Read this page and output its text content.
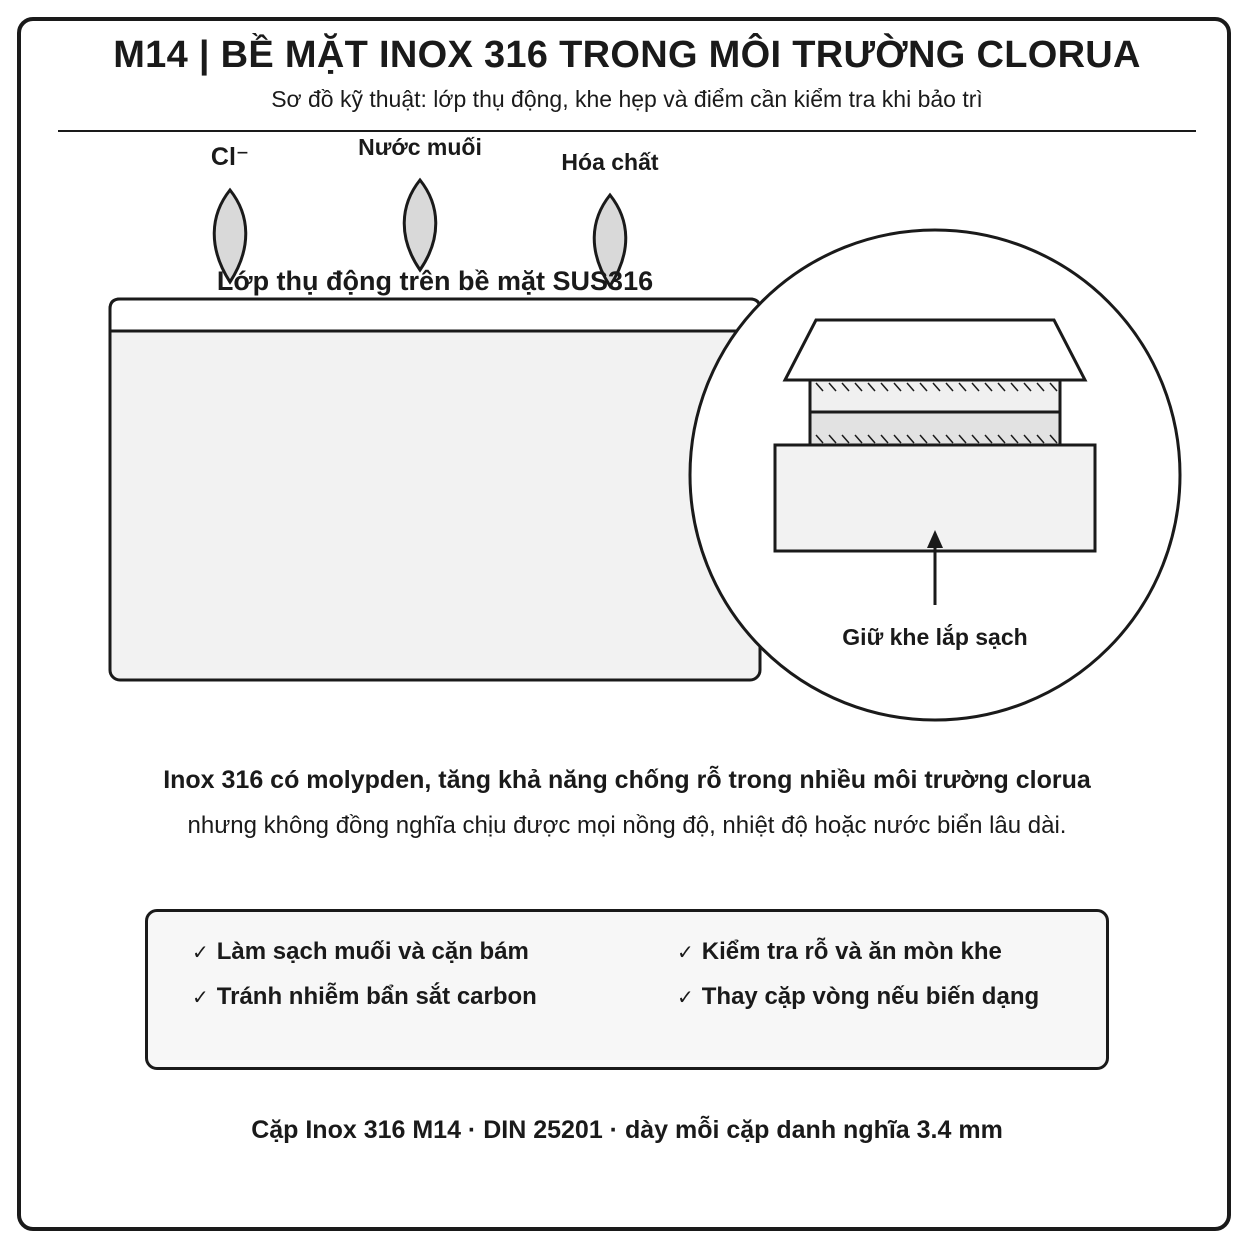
M14 | BỀ MẶT INOX 316 TRONG MÔI TRƯỜNG CLORUA
Sơ đồ kỹ thuật: lớp thụ động, khe hẹp và điểm cần kiểm tra khi bảo trì
Cl⁻	Nước muối
Hóa chất
Lớp thụ động trên bề mặt SUS316
Giữ khe lắp sạch
Inox 316 có molypden, tăng khả năng chống rỗ trong nhiều môi trường clorua
nhưng không đồng nghĩa chịu được mọi nồng độ, nhiệt độ hoặc nước biển lâu dài.
✓ Làm sạch muối và cặn bám	✓ Kiểm tra rỗ và ăn mòn khe
✓ Tránh nhiễm bẩn sắt carbon	✓ Thay cặp vòng nếu biến dạng
Cặp Inox 316 M14 · DIN 25201 · dày mỗi cặp danh nghĩa 3.4 mm
